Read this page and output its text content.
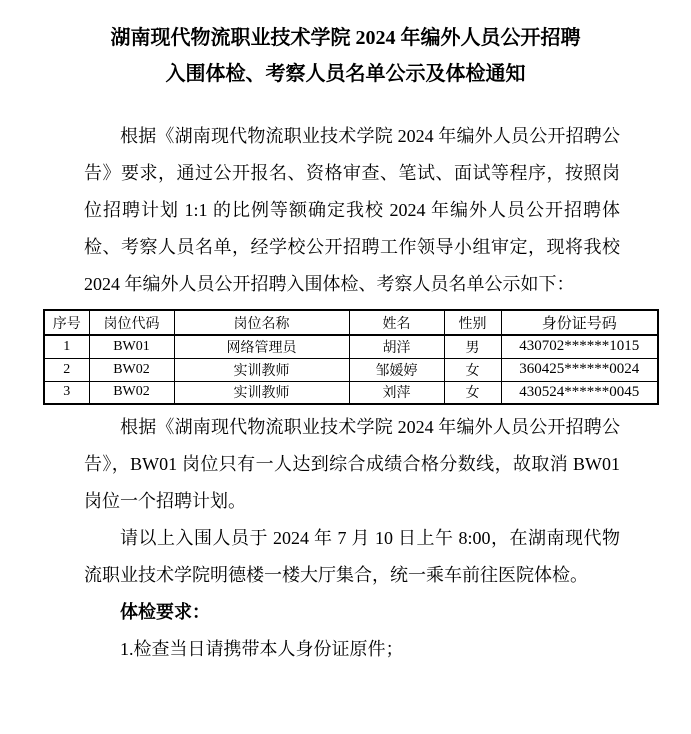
湖南现代物流职业技术学院 2024 年编外人员公开招聘
入围体检、考察人员名单公示及体检通知
根据《湖南现代物流职业技术学院 2024 年编外人员公开招聘公告》要求，通过公开报名、资格审查、笔试、面试等程序，按照岗位招聘计划 1:1 的比例等额确定我校 2024 年编外人员公开招聘体检、考察人员名单，经学校公开招聘工作领导小组审定，现将我校 2024 年编外人员公开招聘入围体检、考察人员名单公示如下：
序号	岗位代码	岗位名称	姓名	性别	身份证号码
1	BW01	网络管理员	胡洋	男	430702******1015
2	BW02	实训教师	邹媛婷	女	360425******0024
3	BW02	实训教师	刘萍	女	430524******0045
根据《湖南现代物流职业技术学院 2024 年编外人员公开招聘公告》，BW01 岗位只有一人达到综合成绩合格分数线，故取消 BW01 岗位一个招聘计划。
请以上入围人员于 2024 年 7 月 10 日上午 8:00，在湖南现代物流职业技术学院明德楼一楼大厅集合，统一乘车前往医院体检。
体检要求：
1.检查当日请携带本人身份证原件；
